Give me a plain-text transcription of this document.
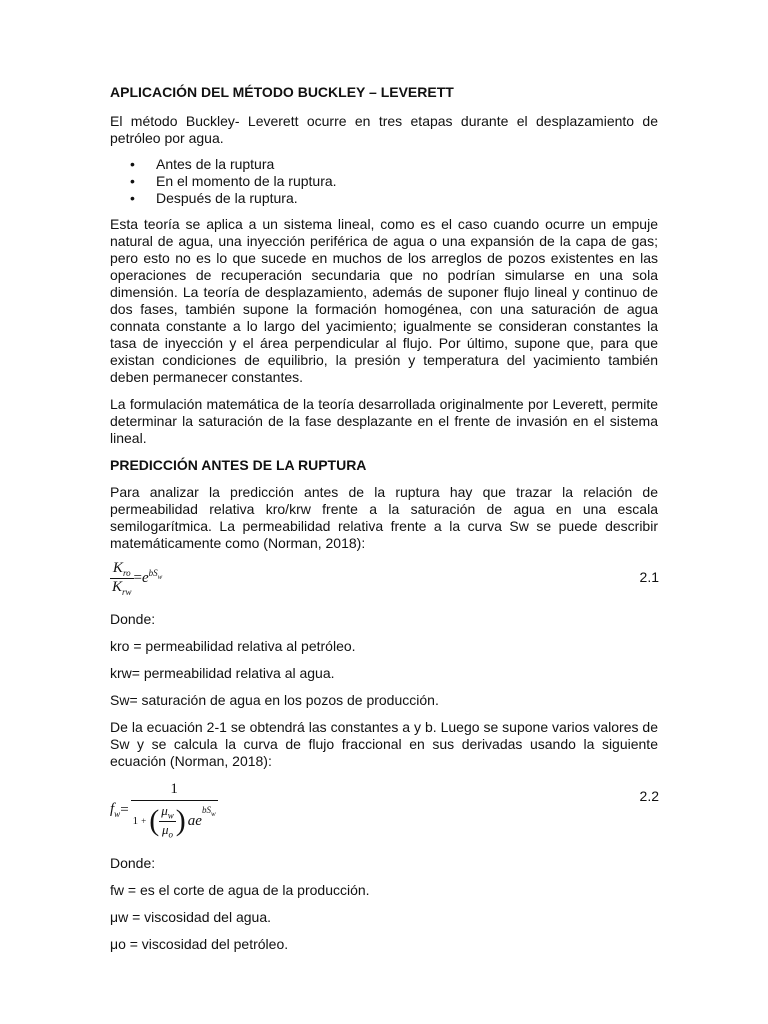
APLICACIÓN DEL MÉTODO BUCKLEY – LEVERETT

El método Buckley- Leverett ocurre en tres etapas durante el desplazamiento de petróleo por agua.

• Antes de la ruptura
• En el momento de la ruptura.
• Después de la ruptura.

Esta teoría se aplica a un sistema lineal, como es el caso cuando ocurre un empuje natural de agua, una inyección periférica de agua o una expansión de la capa de gas; pero esto no es lo que sucede en muchos de los arreglos de pozos existentes en las operaciones de recuperación secundaria que no podrían simularse en una sola dimensión. La teoría de desplazamiento, además de suponer flujo lineal y continuo de dos fases, también supone la formación homogénea, con una saturación de agua connata constante a lo largo del yacimiento; igualmente se consideran constantes la tasa de inyección y el área perpendicular al flujo. Por último, supone que, para que existan condiciones de equilibrio, la presión y temperatura del yacimiento también deben permanecer constantes.

La formulación matemática de la teoría desarrollada originalmente por Leverett, permite determinar la saturación de la fase desplazante en el frente de invasión en el sistema lineal.

PREDICCIÓN ANTES DE LA RUPTURA

Para analizar la predicción antes de la ruptura hay que trazar la relación de permeabilidad relativa kro/krw frente a la saturación de agua en una escala semilogarítmica. La permeabilidad relativa frente a la curva Sw se puede describir matemáticamente como (Norman, 2018):

$\frac{K_{ro}}{K_{rw}} =e^{bS_w}$	2.1

Donde:

kro = permeabilidad relativa al petróleo.

krw= permeabilidad relativa al agua.

Sw= saturación de agua en los pozos de producción.

De la ecuación 2-1 se obtendrá las constantes a y b. Luego se supone varios valores de Sw y se calcula la curva de flujo fraccional en sus derivadas usando la siguiente ecuación (Norman, 2018):

$f_w$ =
1
1 + ( $\frac{\mu_w}{\mu_o}$ ) a e
$^{bS_w}$
2.2

Donde:

fw = es el corte de agua de la producción.

μw = viscosidad del agua.

μo = viscosidad del petróleo.
